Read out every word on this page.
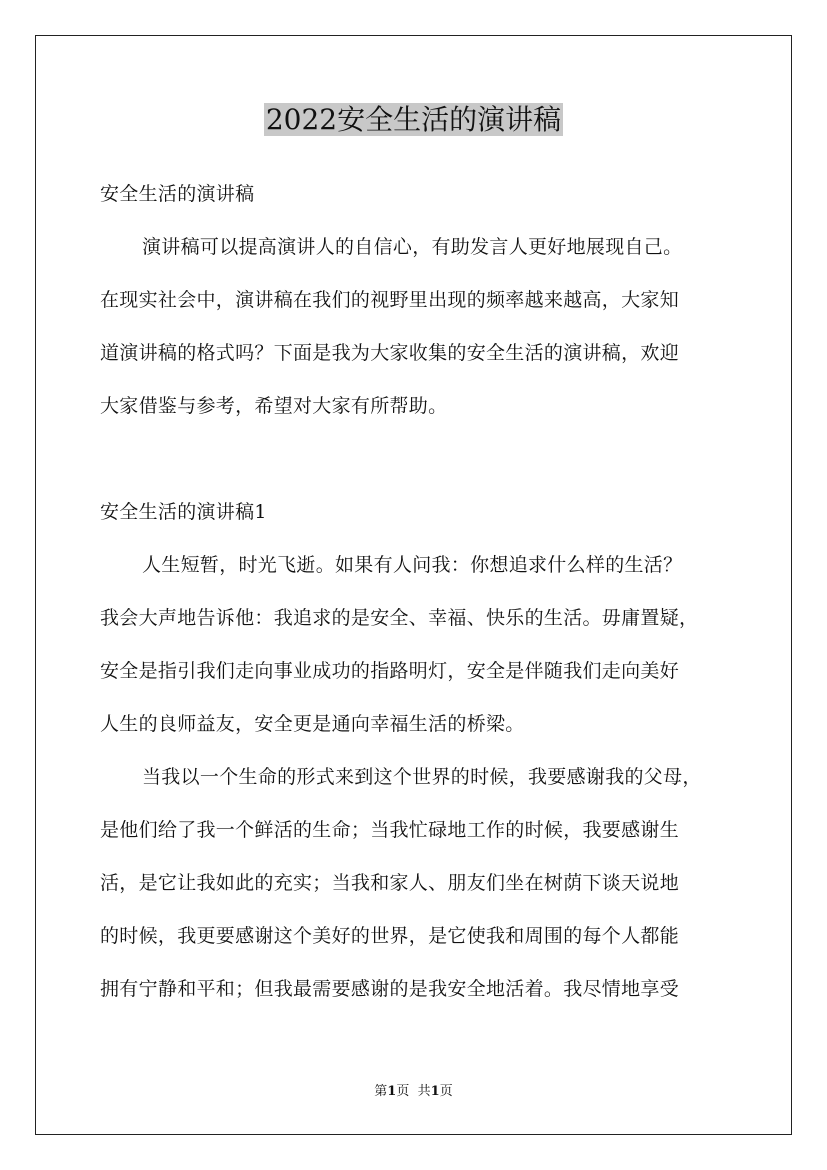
2022安全生活的演讲稿
安全生活的演讲稿
演讲稿可以提高演讲人的自信心，有助发言人更好地展现自己。
在现实社会中，演讲稿在我们的视野里出现的频率越来越高，大家知
道演讲稿的格式吗？下面是我为大家收集的安全生活的演讲稿，欢迎
大家借鉴与参考，希望对大家有所帮助。
安全生活的演讲稿1
人生短暂，时光飞逝。如果有人问我：你想追求什么样的生活？
我会大声地告诉他：我追求的是安全、幸福、快乐的生活。毋庸置疑，
安全是指引我们走向事业成功的指路明灯，安全是伴随我们走向美好
人生的良师益友，安全更是通向幸福生活的桥梁。
当我以一个生命的形式来到这个世界的时候，我要感谢我的父母，
是他们给了我一个鲜活的生命；当我忙碌地工作的时候，我要感谢生
活，是它让我如此的充实；当我和家人、朋友们坐在树荫下谈天说地
的时候，我更要感谢这个美好的世界，是它使我和周围的每个人都能
拥有宁静和平和；但我最需要感谢的是我安全地活着。我尽情地享受
第1页 共1页
